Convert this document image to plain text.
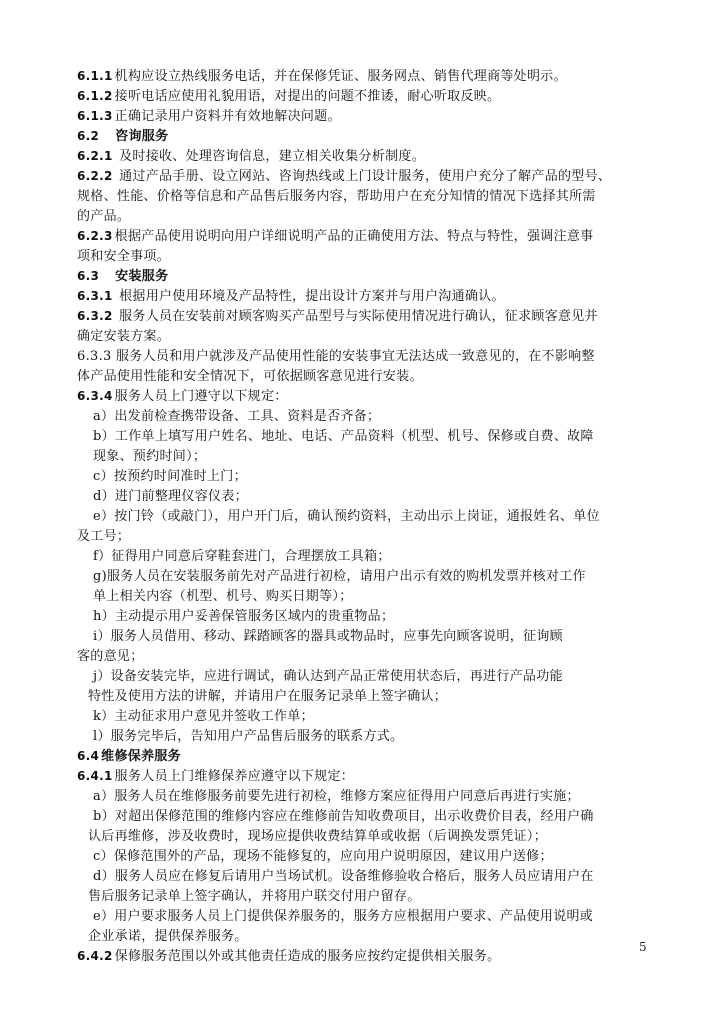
6.1.1 机构应设立热线服务电话，并在保修凭证、服务网点、销售代理商等处明示。
6.1.2 接听电话应使用礼貌用语，对提出的问题不推诿，耐心听取反映。
6.1.3 正确记录用户资料并有效地解决问题。
6.2 咨询服务
6.2.1 及时接收、处理咨询信息，建立相关收集分析制度。
6.2.2 通过产品手册、设立网站、咨询热线或上门设计服务，使用户充分了解产品的型号、
规格、性能、价格等信息和产品售后服务内容，帮助用户在充分知情的情况下选择其所需
的产品。
6.2.3 根据产品使用说明向用户详细说明产品的正确使用方法、特点与特性，强调注意事
项和安全事项。
6.3 安装服务
6.3.1 根据用户使用环境及产品特性，提出设计方案并与用户沟通确认。
6.3.2 服务人员在安装前对顾客购买产品型号与实际使用情况进行确认，征求顾客意见并
确定安装方案。
6.3.3 服务人员和用户就涉及产品使用性能的安装事宜无法达成一致意见的，在不影响整
体产品使用性能和安全情况下，可依据顾客意见进行安装。
6.3.4 服务人员上门遵守以下规定：
a）出发前检查携带设备、工具、资料是否齐备；
b）工作单上填写用户姓名、地址、电话、产品资料（机型、机号、保修或自费、故障
现象、预约时间）；
c）按预约时间准时上门；
d）进门前整理仪容仪表；
e）按门铃（或敲门），用户开门后，确认预约资料，主动出示上岗证，通报姓名、单位
及工号；
f）征得用户同意后穿鞋套进门，合理摆放工具箱；
g)服务人员在安装服务前先对产品进行初检，请用户出示有效的购机发票并核对工作
单上相关内容（机型、机号、购买日期等）；
h）主动提示用户妥善保管服务区域内的贵重物品；
i）服务人员借用、移动、踩踏顾客的器具或物品时，应事先向顾客说明，征询顾
客的意见；
j）设备安装完毕，应进行调试，确认达到产品正常使用状态后，再进行产品功能
特性及使用方法的讲解，并请用户在服务记录单上签字确认；
k）主动征求用户意见并签收工作单；
l）服务完毕后，告知用户产品售后服务的联系方式。
6.4 维修保养服务
6.4.1 服务人员上门维修保养应遵守以下规定：
a）服务人员在维修服务前要先进行初检，维修方案应征得用户同意后再进行实施；
b）对超出保修范围的维修内容应在维修前告知收费项目，出示收费价目表，经用户确
认后再维修，涉及收费时，现场应提供收费结算单或收据（后调换发票凭证）；
c）保修范围外的产品，现场不能修复的，应向用户说明原因，建议用户送修；
d）服务人员应在修复后请用户当场试机。设备维修验收合格后，服务人员应请用户在
售后服务记录单上签字确认，并将用户联交付用户留存。
e）用户要求服务人员上门提供保养服务的，服务方应根据用户要求、产品使用说明或
企业承诺，提供保养服务。
6.4.2 保修服务范围以外或其他责任造成的服务应按约定提供相关服务。
5
